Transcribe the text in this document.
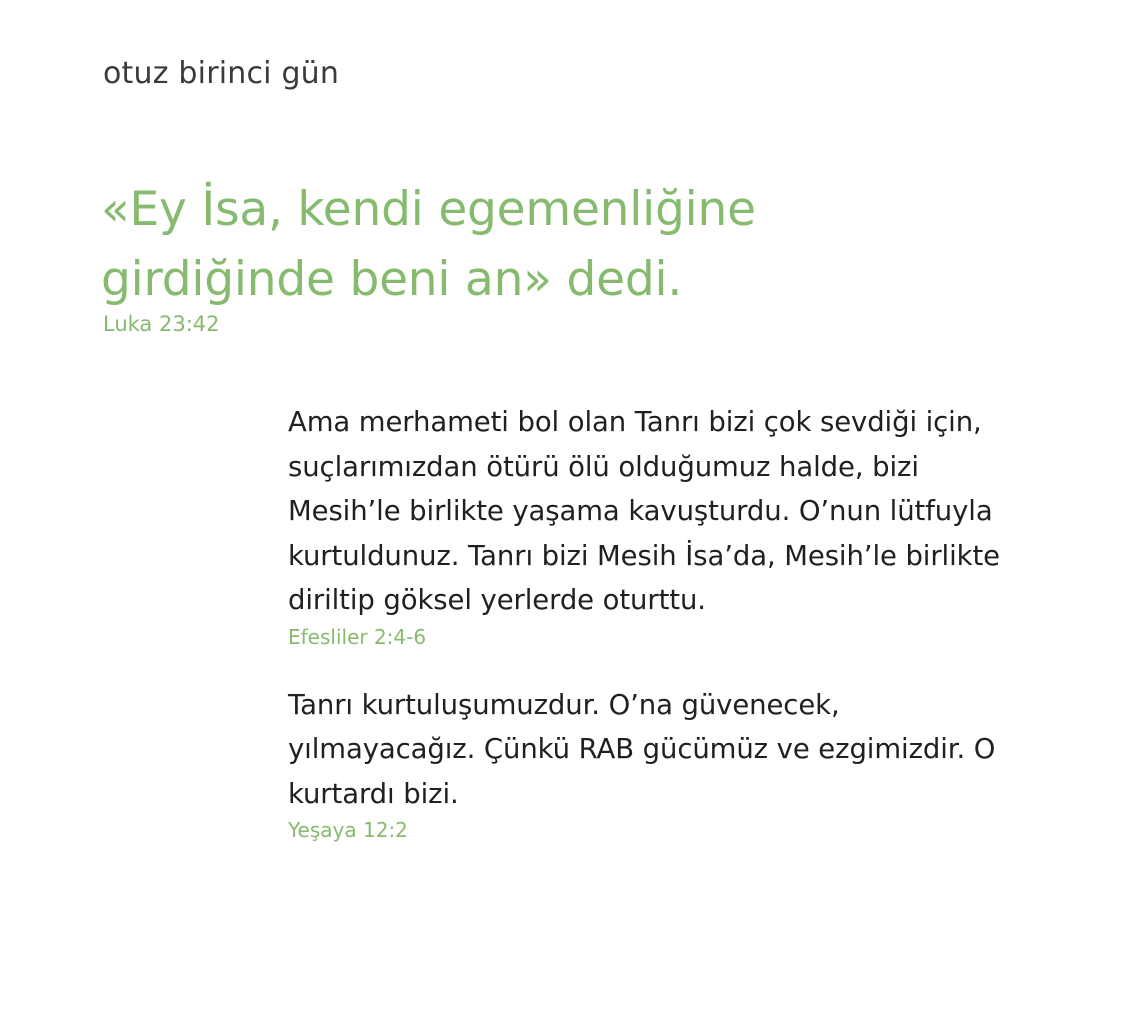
otuz birinci gün
«Ey İsa, kendi egemenliğine girdiğinde beni an» dedi.
Luka 23:42
Ama merhameti bol olan Tanrı bizi çok sevdiği için, suçlarımızdan ötürü ölü olduğumuz halde, bizi Mesih’le birlikte yaşama kavuşturdu. O’nun lütfuyla kurtuldunuz. Tanrı bizi Mesih İsa’da, Mesih’le birlikte diriltip göksel yerlerde oturttu.
Efesliler 2:4-6
Tanrı kurtuluşumuzdur. O’na güvenecek, yılmayacağız. Çünkü RAB gücümüz ve ezgimizdir. O kurtardı bizi.
Yeşaya 12:2
